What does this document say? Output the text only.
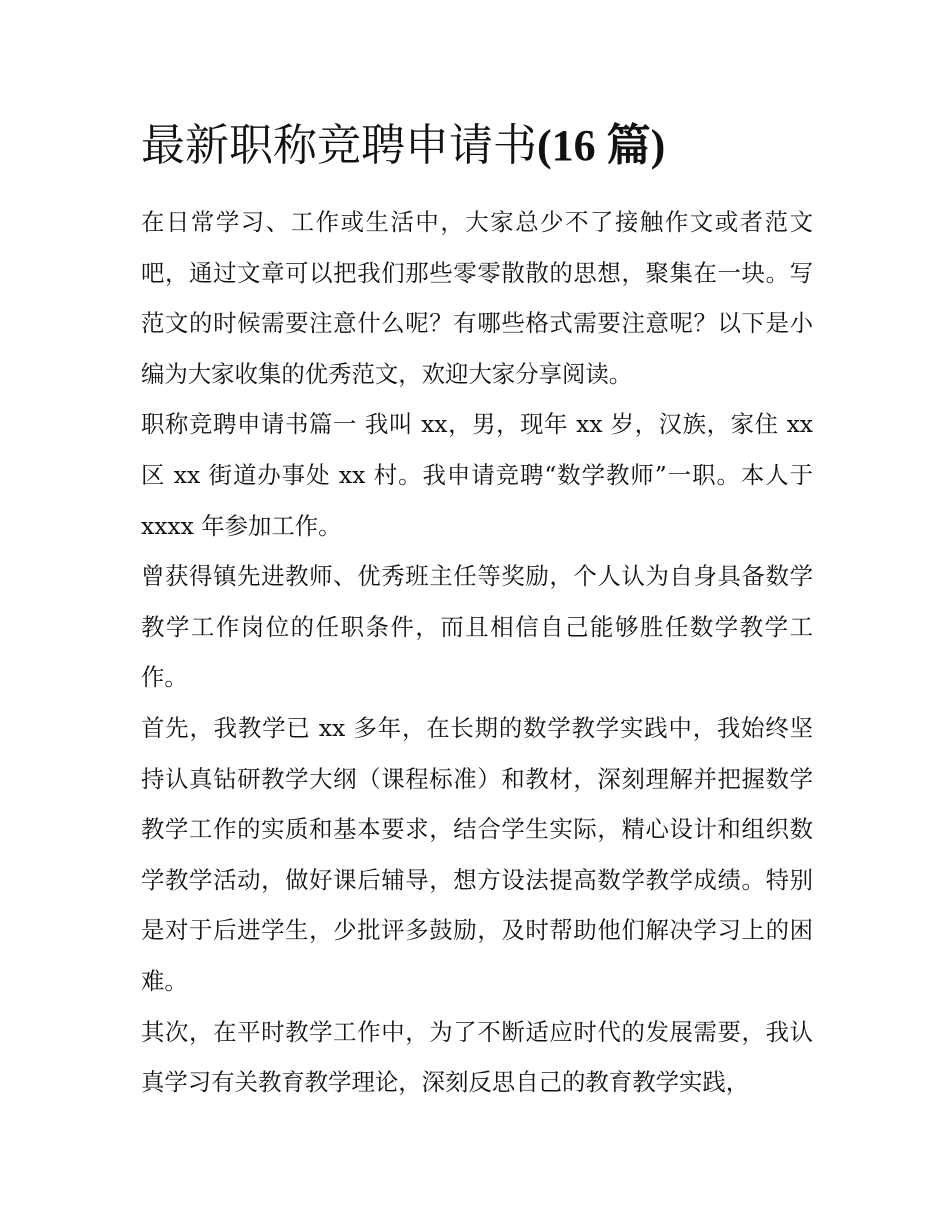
最新职称竞聘申请书(16 篇)

在日常学习、工作或生活中，大家总少不了接触作文或者范文吧，通过文章可以把我们那些零零散散的思想，聚集在一块。写范文的时候需要注意什么呢？有哪些格式需要注意呢？以下是小编为大家收集的优秀范文，欢迎大家分享阅读。

职称竞聘申请书篇一 我叫 xx，男，现年 xx 岁，汉族，家住 xx 区 xx 街道办事处 xx 村。我申请竞聘“数学教师”一职。本人于 xxxx 年参加工作。

曾获得镇先进教师、优秀班主任等奖励，个人认为自身具备数学教学工作岗位的任职条件，而且相信自己能够胜任数学教学工作。

首先，我教学已 xx 多年，在长期的数学教学实践中，我始终坚持认真钻研教学大纲（课程标准）和教材，深刻理解并把握数学教学工作的实质和基本要求，结合学生实际，精心设计和组织数学教学活动，做好课后辅导，想方设法提高数学教学成绩。特别是对于后进学生，少批评多鼓励，及时帮助他们解决学习上的困难。

其次，在平时教学工作中，为了不断适应时代的发展需要，我认真学习有关教育教学理论，深刻反思自己的教育教学实践，
